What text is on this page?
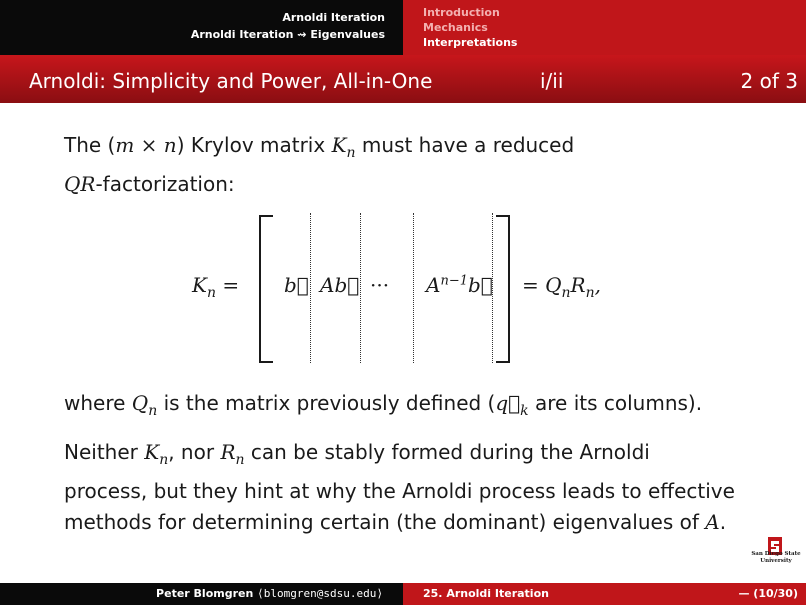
Arnoldi Iteration
Arnoldi Iteration ⇝ Eigenvalues
Introduction
Mechanics
Interpretations
Arnoldi: Simplicity and Power, All-in-One	i/ii	2 of 3
The (m × n) Krylov matrix $K_n$ must have a reduced
QR-factorization:
$K_n$ = b⃗ Ab⃗ ··· $A^{n-1}b⃗ = Q_nR_n$,
where $Q_n$ is the matrix previously defined ($q⃗_k$ are its columns).
Neither $K_n$, nor $R_n$ can be stably formed during the Arnoldi
process, but they hint at why the Arnoldi process leads to effective
methods for determining certain (the dominant) eigenvalues of A.
San Diego State
University
Peter Blomgren ⟨blomgren@sdsu.edu⟩	25. Arnoldi Iteration	— (10/30)
